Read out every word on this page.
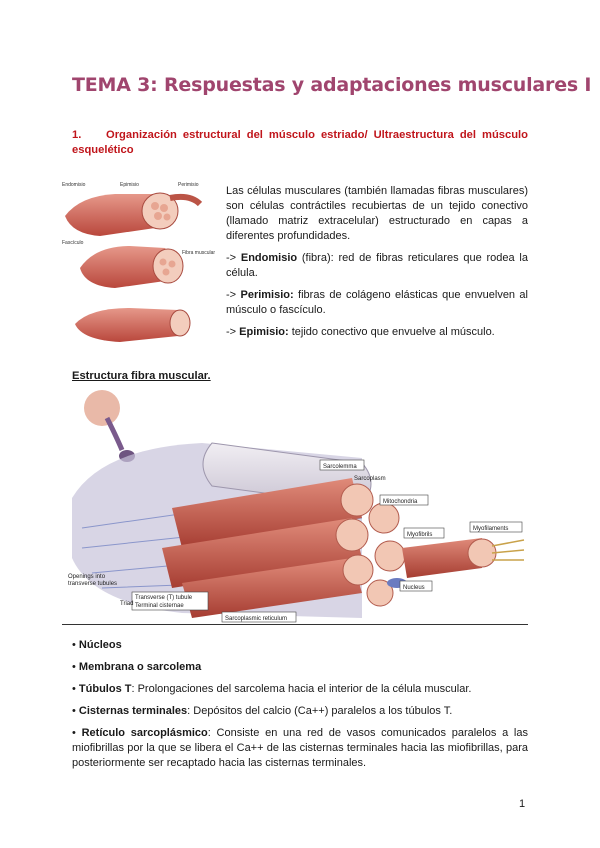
TEMA 3: Respuestas y adaptaciones musculares I
1. Organización estructural del músculo estriado/ Ultraestructura del músculo esquelético
Endomisio	Epimisio	Perimisio
Fascículo
Fibra muscular

Las células musculares (también llamadas fibras musculares) son células contráctiles recubiertas de un tejido conectivo (llamado matriz extracelular) estructurado en capas a diferentes profundidades.

-> Endomisio (fibra): red de fibras reticulares que rodea la célula.

-> Perimisio: fibras de colágeno elásticas que envuelven al músculo o fascículo.

-> Epimisio: tejido conectivo que envuelve al músculo.

Estructura fibra muscular.
Sarcolemma
Sarcoplasm
Mitochondria
Myofibrils
Myofilaments
Nucleus
Openings into
transverse tubules
Transverse (T) tubule
Terminal cisternae
Sarcoplasmic reticulum
Triad
• Núcleos
• Membrana o sarcolema
• Túbulos T: Prolongaciones del sarcolema hacia el interior de la célula muscular.
• Cisternas terminales: Depósitos del calcio (Ca++) paralelos a los túbulos T.
• Retículo sarcoplásmico: Consiste en una red de vasos comunicados paralelos a las miofibrillas por la que se libera el Ca++ de las cisternas terminales hacia las miofibrillas, para posteriormente ser recaptado hacia las cisternas terminales.
1
